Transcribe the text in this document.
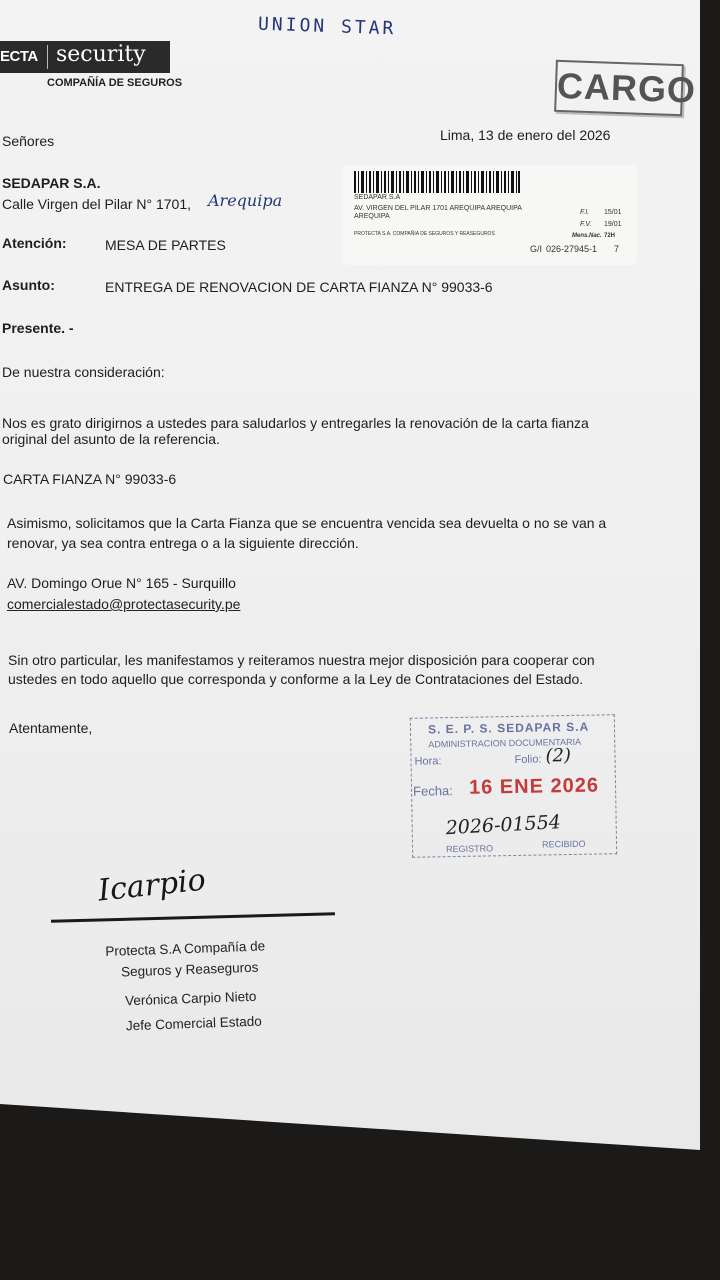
ECTA security
COMPAÑÍA DE SEGUROS
UNION STAR
CARGO
Lima, 13 de enero del 2026
Señores
SEDAPAR S.A.
Calle Virgen del Pilar N° 1701, Arequipa	SEDAPAR S.A
AV. VIRGEN DEL PILAR 1701 AREQUIPA AREQUIPA
AREQUIPA
PROTECTA S.A. COMPAÑIA DE SEGUROS Y REASEGUROS
F.I. 15/01
F.V. 19/01
Mens.Nac. 72H
G/I 026-27945-1 7
Atención:	MESA DE PARTES
Asunto:	ENTREGA DE RENOVACION DE CARTA FIANZA N° 99033-6
Presente. -
De nuestra consideración:
Nos es grato dirigirnos a ustedes para saludarlos y entregarles la renovación de la carta fianza
original del asunto de la referencia.
CARTA FIANZA N° 99033-6
Asimismo, solicitamos que la Carta Fianza que se encuentra vencida sea devuelta o no se van a
renovar, ya sea contra entrega o a la siguiente dirección.
AV. Domingo Orue N° 165 - Surquillo
comercialestado@protectasecurity.pe
Sin otro particular, les manifestamos y reiteramos nuestra mejor disposición para cooperar con
ustedes en todo aquello que corresponda y conforme a la Ley de Contrataciones del Estado.
Atentamente,	S. E. P. S. SEDAPAR S.A
ADMINISTRACION DOCUMENTARIA
Hora:	Folio: (2)
Fecha: 16 ENE 2026
2026-01554
REGISTRO	RECIBIDO
Icarpio
Protecta S.A Compañía de
Seguros y Reaseguros
Verónica Carpio Nieto
Jefe Comercial Estado
